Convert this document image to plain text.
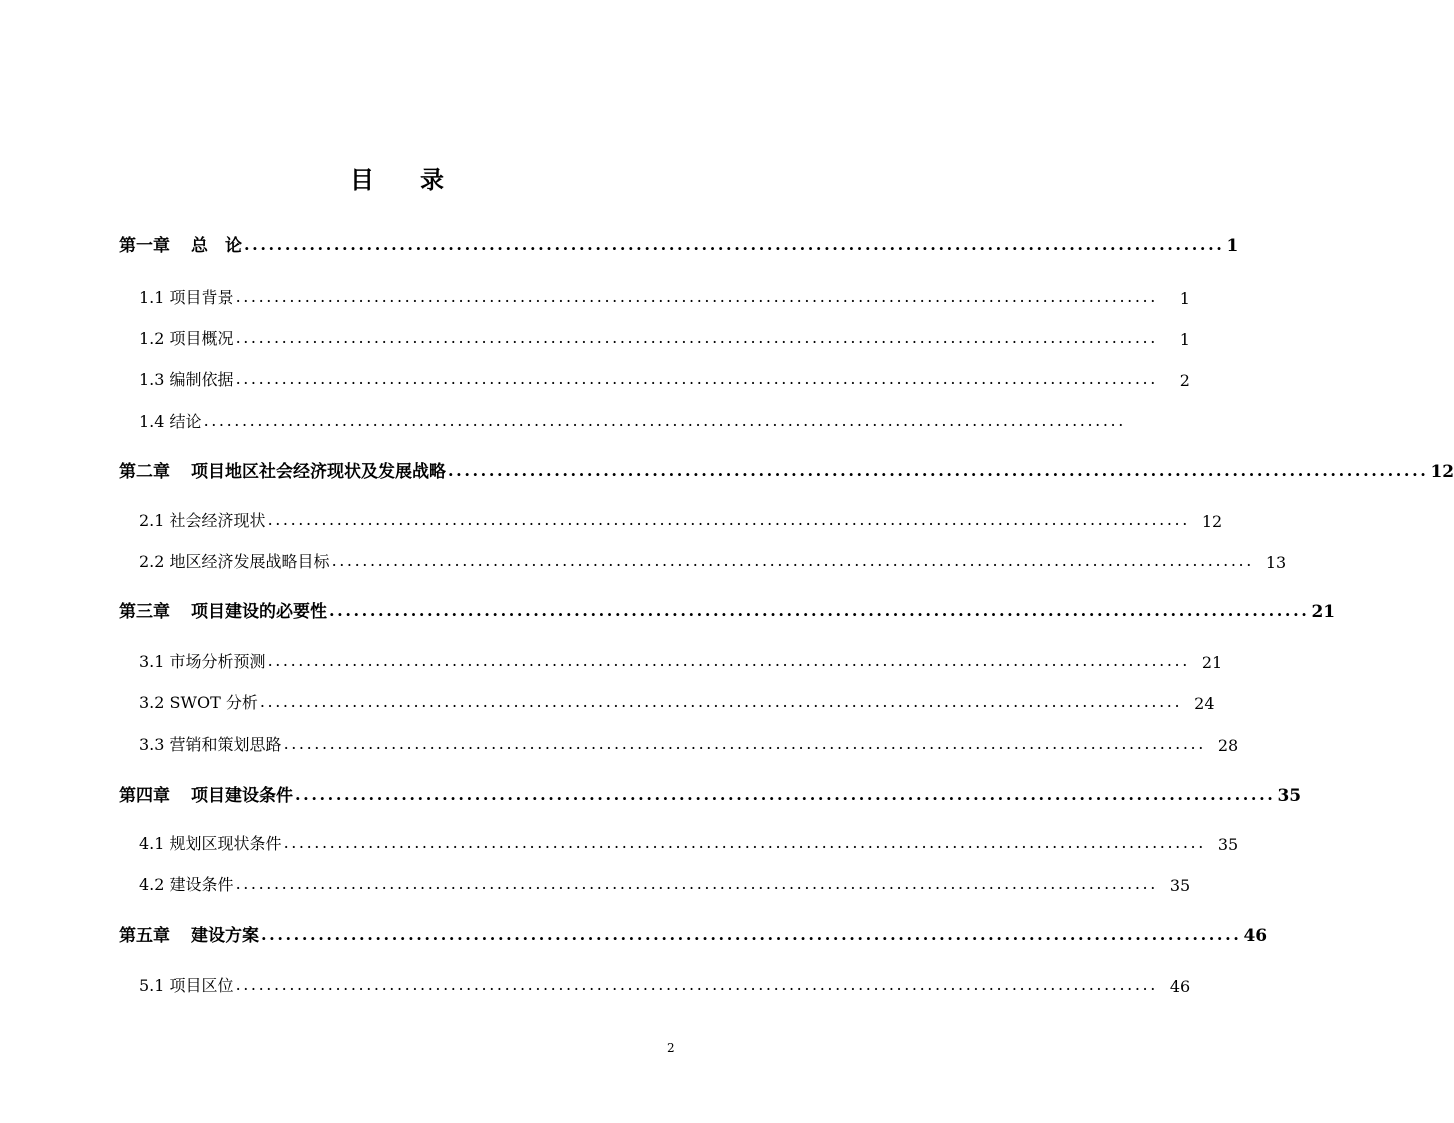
目 录
第一章 总　论 ........................................................................................................................ 1
1.1 项目背景 ........................................................................................................................	1
1.2 项目概况 ........................................................................................................................	1
1.3 编制依据 ........................................................................................................................	2
1.4 结论 ........................................................................................................................
第二章 项目地区社会经济现状及发展战略 ........................................................................................................................ 12
2.1 社会经济现状 ........................................................................................................................ 12
2.2 地区经济发展战略目标 ........................................................................................................................ 13
第三章 项目建设的必要性 ........................................................................................................................ 21
3.1 市场分析预测 ........................................................................................................................ 21
3.2 SWOT 分析 ........................................................................................................................ 24
3.3 营销和策划思路 ........................................................................................................................ 28
第四章 项目建设条件 ........................................................................................................................ 35
4.1 规划区现状条件 ........................................................................................................................ 35
4.2 建设条件 ........................................................................................................................ 35
第五章 建设方案 ........................................................................................................................ 46
5.1 项目区位 ........................................................................................................................ 46
2
